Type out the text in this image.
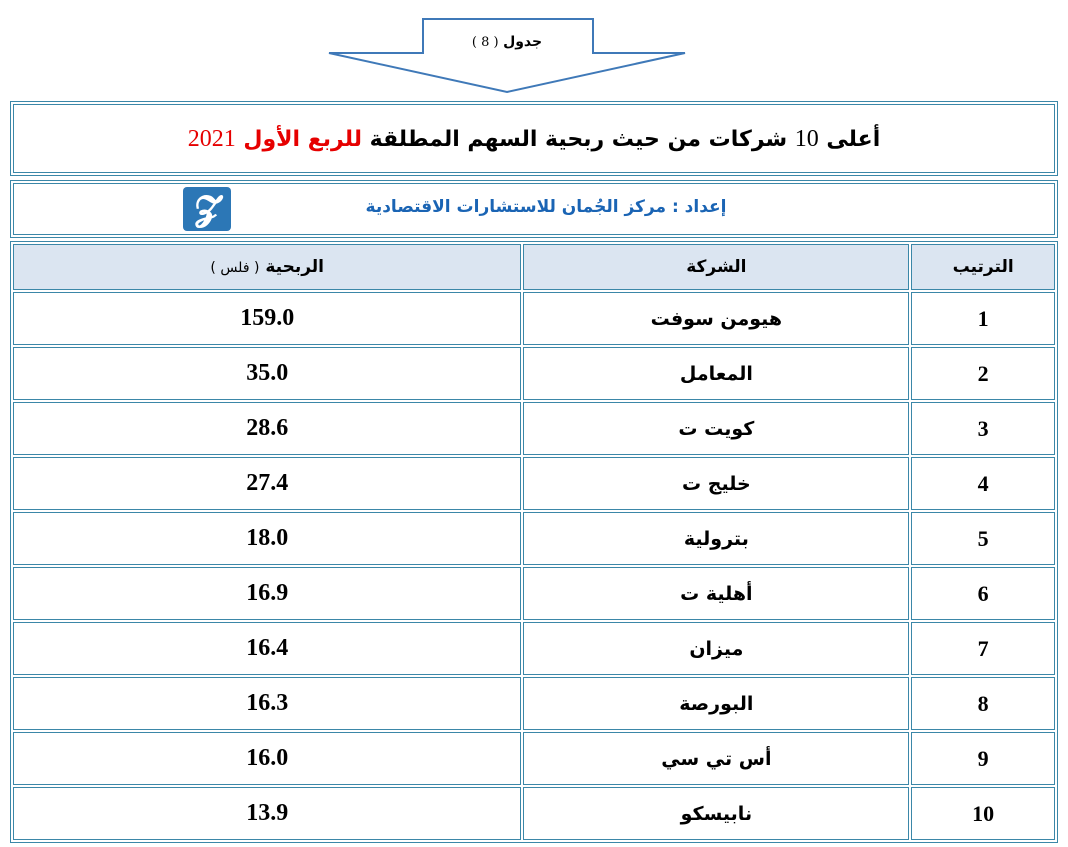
جدول ( 8 )
أعلى 10 شركات من حيث ربحية السهم المطلقة للربع الأول 2021
إعداد : مركز الجُمان للاستشارات الاقتصادية
𝓩
الربحية ( فلس )	الشركة	الترتيب
159.0	هيومن سوفت	1
35.0	المعامل	2
28.6	كويت ت	3
27.4	خليج ت	4
18.0	بترولية	5
16.9	أهلية ت	6
16.4	ميزان	7
16.3	البورصة	8
16.0	أس تي سي	9
13.9	نابيسكو	10
